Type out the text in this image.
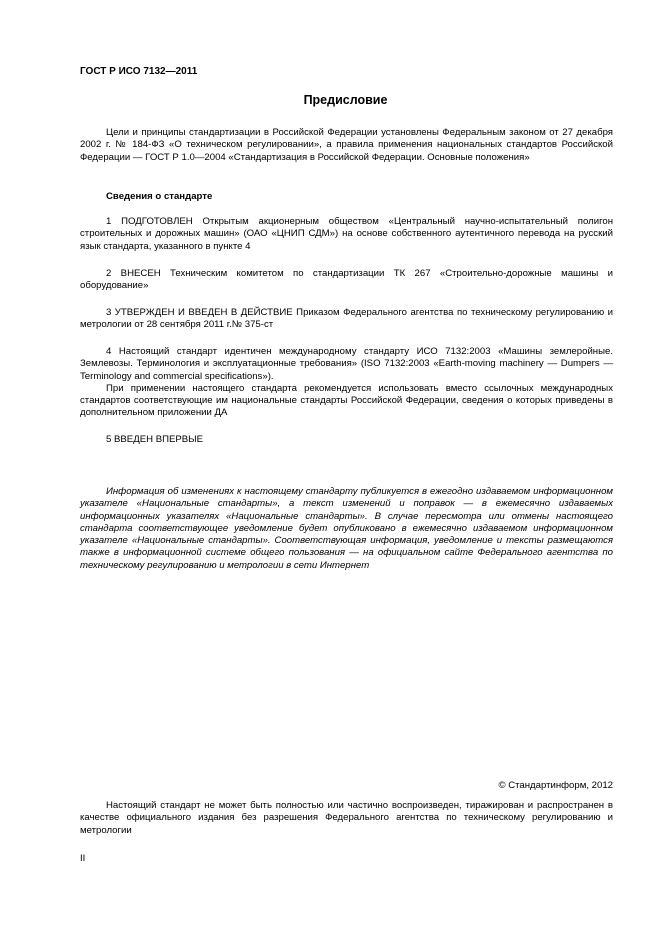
ГОСТ Р ИСО 7132—2011
Предисловие

Цели и принципы стандартизации в Российской Федерации установлены Федеральным законом от 27 декабря 2002 г. № 184-ФЗ «О техническом регулировании», а правила применения национальных стандартов Российской Федерации — ГОСТ Р 1.0—2004 «Стандартизация в Российской Федерации. Основные положения»

Сведения о стандарте

1 ПОДГОТОВЛЕН Открытым акционерным обществом «Центральный научно-испытательный полигон строительных и дорожных машин» (ОАО «ЦНИП СДМ») на основе собственного аутентичного перевода на русский язык стандарта, указанного в пункте 4

2 ВНЕСЕН Техническим комитетом по стандартизации ТК 267 «Строительно-дорожные машины и оборудование»

3 УТВЕРЖДЕН И ВВЕДЕН В ДЕЙСТВИЕ Приказом Федерального агентства по техническому регулированию и метрологии от 28 сентября 2011 г.№ 375-ст

4 Настоящий стандарт идентичен международному стандарту ИСО 7132:2003 «Машины землеройные. Землевозы. Терминология и эксплуатационные требования» (ISO 7132:2003 «Earth-moving machinery — Dumpers — Terminology and commercial specifications»).

При применении настоящего стандарта рекомендуется использовать вместо ссылочных международных стандартов соответствующие им национальные стандарты Российской Федерации, сведения о которых приведены в дополнительном приложении ДА

5 ВВЕДЕН ВПЕРВЫЕ

Информация об изменениях к настоящему стандарту публикуется в ежегодно издаваемом информационном указателе «Национальные стандарты», а текст изменений и поправок — в ежемесячно издаваемых информационных указателях «Национальные стандарты». В случае пересмотра или отмены настоящего стандарта соответствующее уведомление будет опубликовано в ежемесячно издаваемом информационном указателе «Национальные стандарты». Соответствующая информация, уведомление и тексты размещаются также в информационной системе общего пользования — на официальном сайте Федерального агентства по техническому регулированию и метрологии в сети Интернет

© Стандартинформ, 2012

Настоящий стандарт не может быть полностью или частично воспроизведен, тиражирован и распространен в качестве официального издания без разрешения Федерального агентства по техническому регулированию и метрологии

II
